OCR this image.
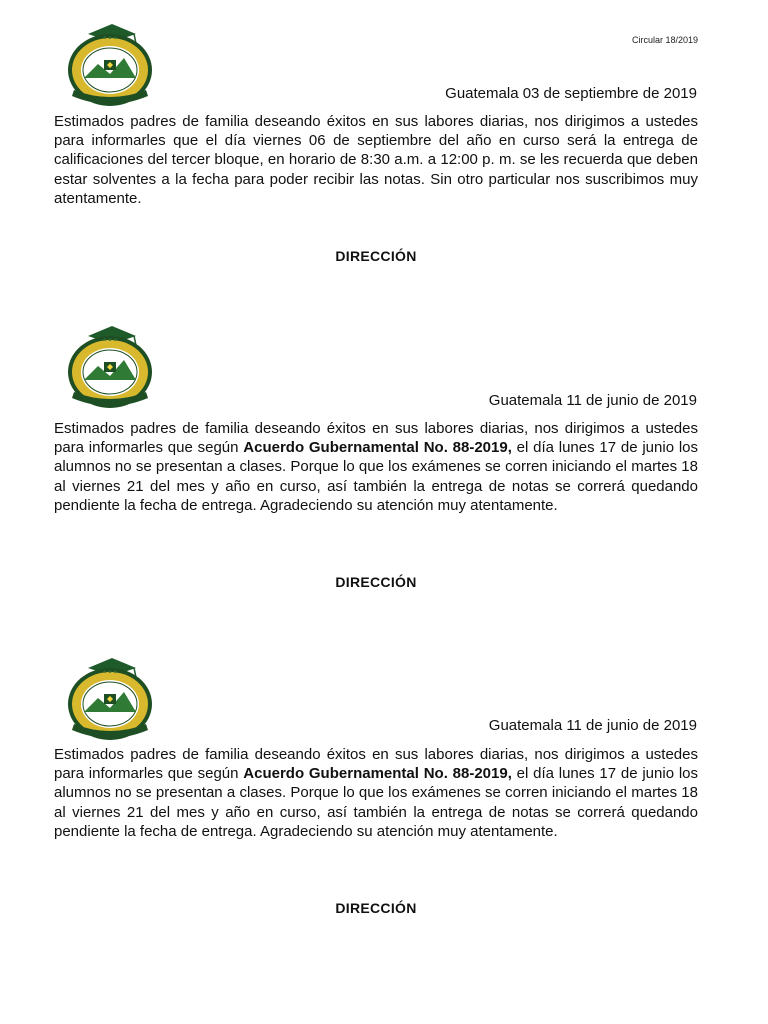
Circular 18/2019
* * *
Guatemala 03 de septiembre de 2019
Estimados padres de familia deseando éxitos en sus labores diarias, nos dirigimos a ustedes para informarles que el día viernes 06 de septiembre del año en curso será la entrega de calificaciones del tercer bloque, en horario de 8:30 a.m. a 12:00 p. m. se les recuerda que deben estar solventes a la fecha para poder recibir las notas. Sin otro particular nos suscribimos muy atentamente.
DIRECCIÓN
* * *
Guatemala 11 de junio de 2019
Estimados padres de familia deseando éxitos en sus labores diarias, nos dirigimos a ustedes para informarles que según Acuerdo Gubernamental No. 88-2019, el día lunes 17 de junio los alumnos no se presentan a clases. Porque lo que los exámenes se corren iniciando el martes 18 al viernes 21 del mes y año en curso, así también la entrega de notas se correrá quedando pendiente la fecha de entrega. Agradeciendo su atención muy atentamente.
DIRECCIÓN
* * *
Guatemala 11 de junio de 2019
Estimados padres de familia deseando éxitos en sus labores diarias, nos dirigimos a ustedes para informarles que según Acuerdo Gubernamental No. 88-2019, el día lunes 17 de junio los alumnos no se presentan a clases. Porque lo que los exámenes se corren iniciando el martes 18 al viernes 21 del mes y año en curso, así también la entrega de notas se correrá quedando pendiente la fecha de entrega. Agradeciendo su atención muy atentamente.
DIRECCIÓN
